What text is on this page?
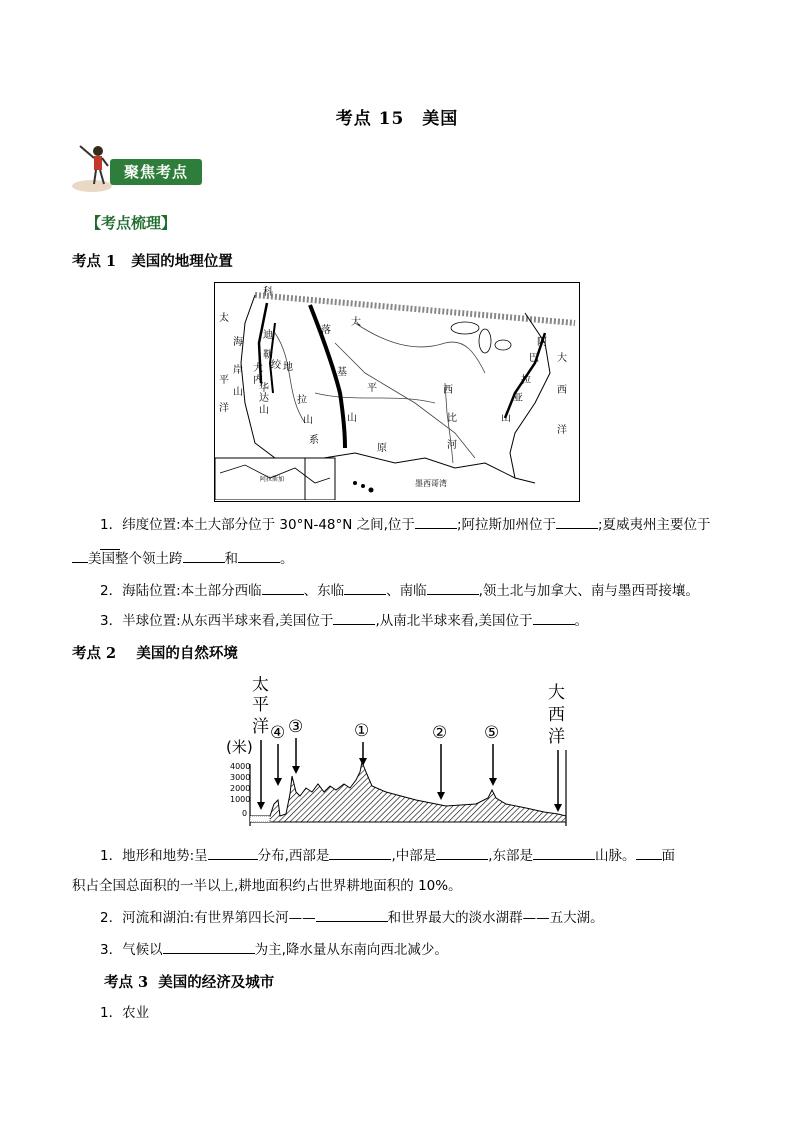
考点 15　美国
聚焦考点
【考点梳理】
考点 1 美国的地理位置
阿拉斯加
科
太
海
岸
山
平
洋
迪
勒
绞
大
内
华
达
山
地
落
大
基
平
拉
山	山
系
原
西
比
河
阿
巴
拉
亚
山
大
西
洋
墨西哥湾
1．纬度位置:本土大部分位于 30°N-48°N 之间,位于	;阿拉斯加州位于	;夏威夷州主要位于
美国整个领土跨	和	。
2．海陆位置:本土部分西临	、东临	、南临	,领土北与加拿大、南与墨西哥接壤。
3．半球位置:从东西半球来看,美国位于	,从南北半球来看,美国位于	。
考点 2 美国的自然环境
太
平
洋
大
西
洋
(米)
4000
3000
2000
1000
0
①	②
③
④	⑤
1．地形和地势:呈	分布,西部是	,中部是	,东部是	山脉。 面
积占全国总面积的一半以上,耕地面积约占世界耕地面积的 10%。
2．河流和湖泊:有世界第四长河——	和世界最大的淡水湖群——五大湖。
3．气候以	为主,降水量从东南向西北减少。
考点 3 美国的经济及城市
1．农业
